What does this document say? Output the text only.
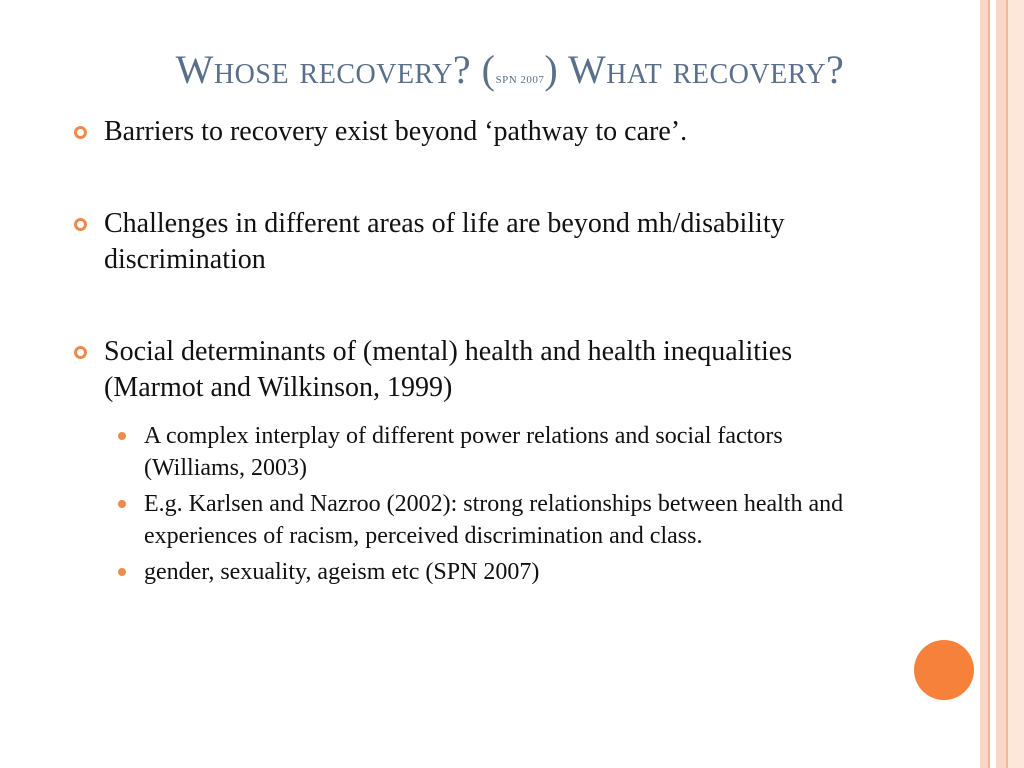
Whose recovery? (SPN 2007) What recovery?
Barriers to recovery exist beyond ‘pathway to care’.
Challenges in different areas of life are beyond mh/disability discrimination
Social determinants of (mental) health and health inequalities (Marmot and Wilkinson, 1999)
A complex interplay of different power relations and social factors (Williams, 2003)
E.g. Karlsen and Nazroo (2002): strong relationships between health and experiences of racism, perceived discrimination and class.
gender, sexuality, ageism etc (SPN 2007)
